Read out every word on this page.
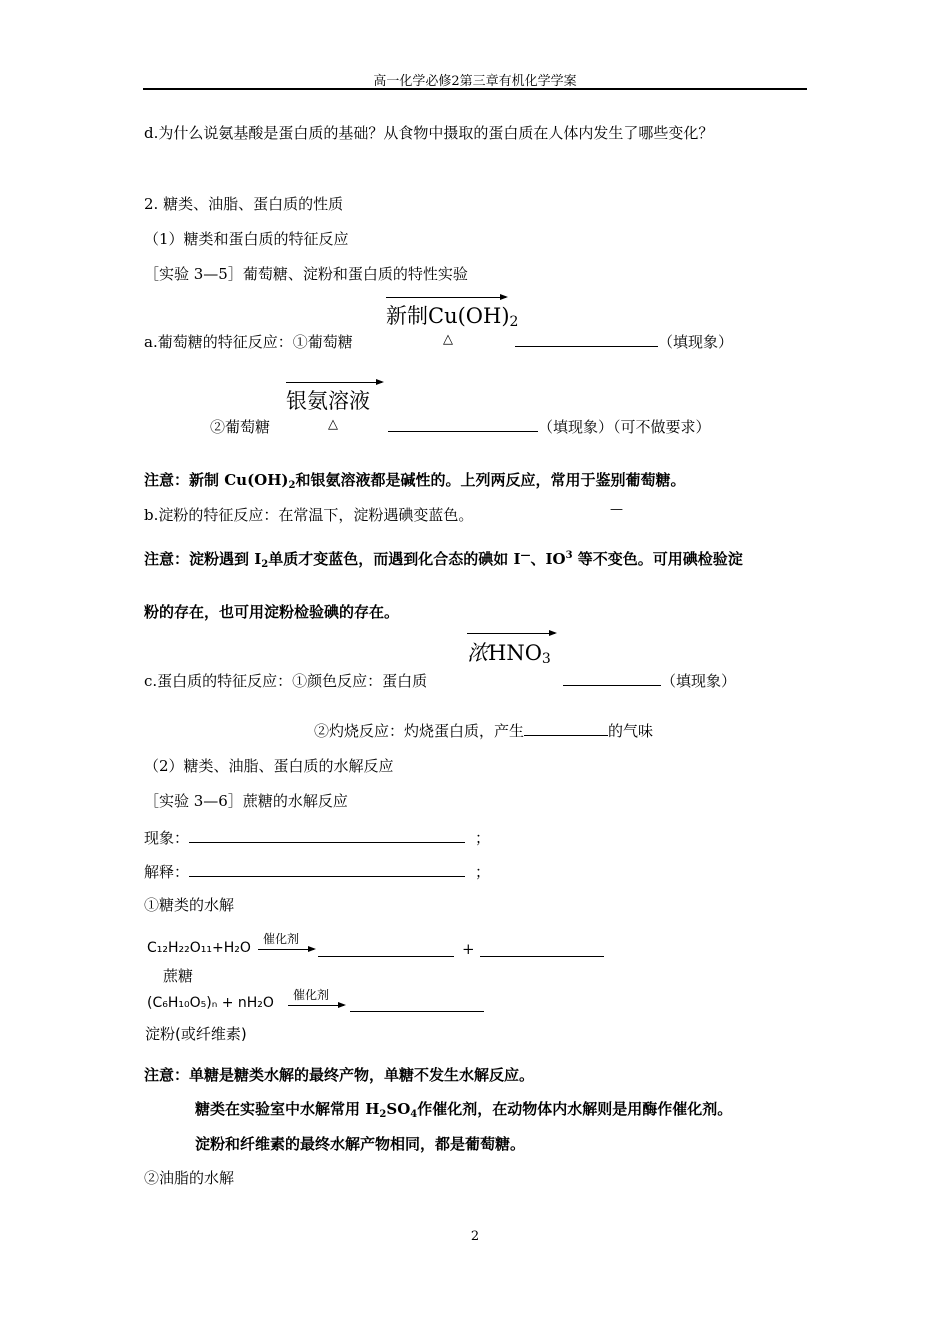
高一化学必修2第三章有机化学学案
d.为什么说氨基酸是蛋白质的基础？从食物中摄取的蛋白质在人体内发生了哪些变化？
2. 糖类、油脂、蛋白质的性质
（1）糖类和蛋白质的特征反应
［实验 3—5］葡萄糖、淀粉和蛋白质的特性实验
新制$Cu(OH)_2$
a.葡萄糖的特征反应：①葡萄糖	△	（填现象）
银氨溶液
②葡萄糖	△	（填现象）（可不做要求）
注意：新制 $Cu(OH)_2$和银氨溶液都是碱性的。上列两反应，常用于鉴别葡萄糖。
b.淀粉的特征反应：在常温下，淀粉遇碘变蓝色。	—
注意：淀粉遇到 $I_2$单质才变蓝色，而遇到化合态的碘如 I—、$IO^3$ 等不变色。可用碘检验淀
粉的存在，也可用淀粉检验碘的存在。
浓$HNO_3$
c.蛋白质的特征反应：①颜色反应：蛋白质	（填现象）
②灼烧反应：灼烧蛋白质，产生	的气味
（2）糖类、油脂、蛋白质的水解反应
［实验 3—6］蔗糖的水解反应
现象：	；
解释：	；
①糖类的水解
C₁₂H₂₂O₁₁+H₂O
催化剂
+
蔗糖
(C₆H₁₀O₅)ₙ + nH₂O 催化剂
淀粉(或纤维素)
注意：单糖是糖类水解的最终产物，单糖不发生水解反应。
糖类在实验室中水解常用 $H_2SO_4$作催化剂，在动物体内水解则是用酶作催化剂。
淀粉和纤维素的最终水解产物相同，都是葡萄糖。
②油脂的水解
2
